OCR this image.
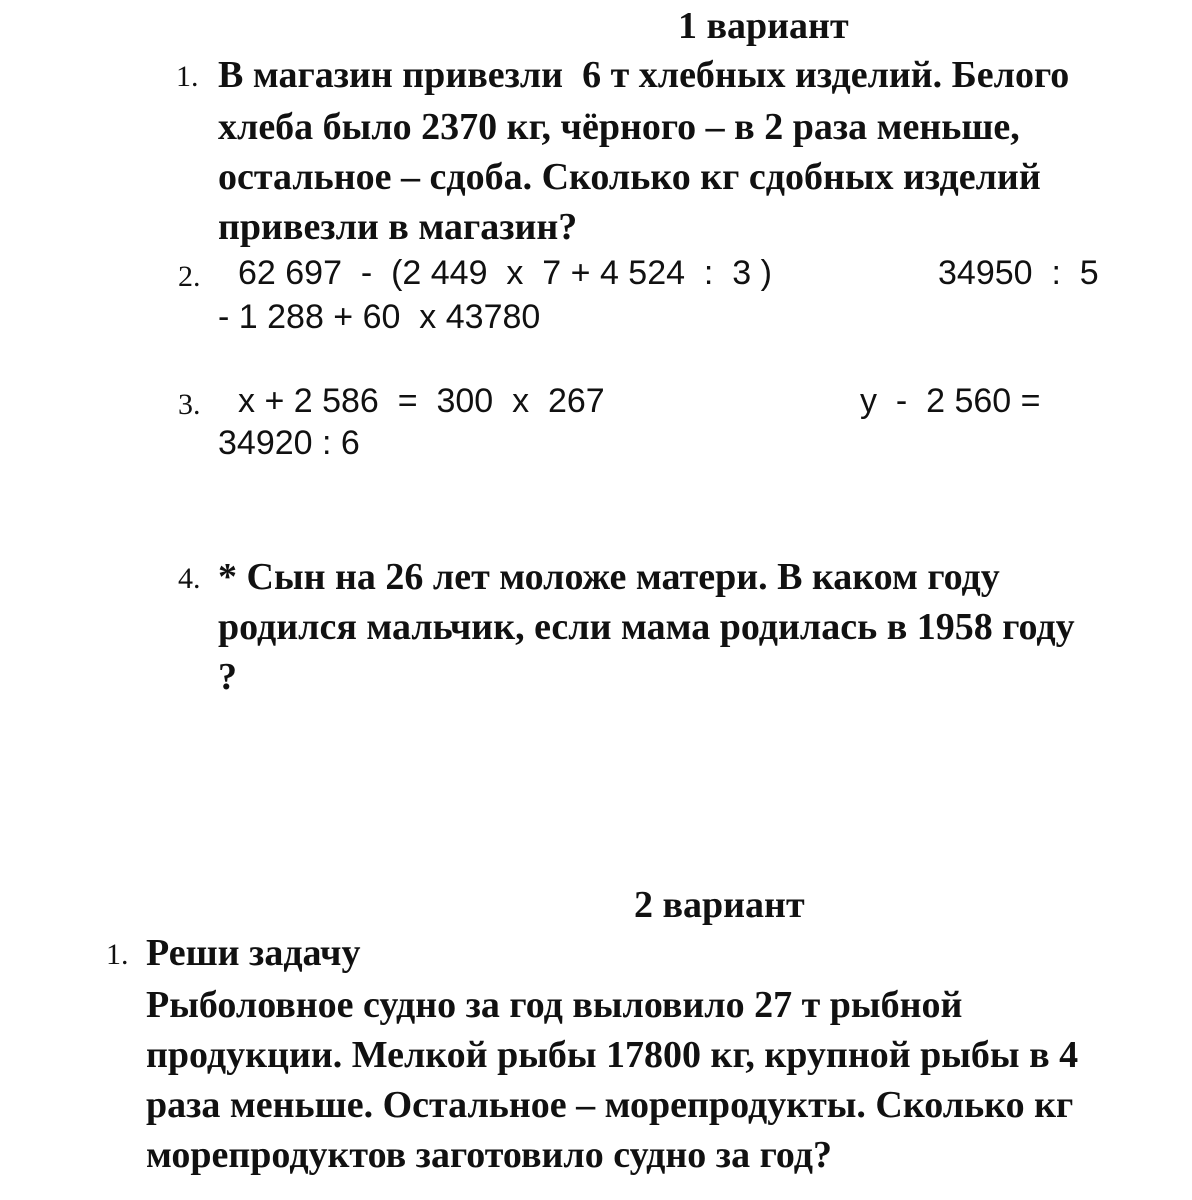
1 вариант
1. В магазин привезли  6 т хлебных изделий. Белого
хлеба было 2370 кг, чёрного – в 2 раза меньше,
остальное – сдоба. Сколько кг сдобных изделий
привезли в магазин?
2. 62 697  -  (2 449  x  7 + 4 524  :  3 )	34950  :  5
- 1 288 + 60  x 43780
3. x + 2 586  =  300  x  267	y  -  2 560 =
34920 : 6
4. * Сын на 26 лет моложе матери. В каком году
родился мальчик, если мама родилась в 1958 году
?
2 вариант
1. Реши задачу
Рыболовное судно за год выловило 27 т рыбной
продукции. Мелкой рыбы 17800 кг, крупной рыбы в 4
раза меньше. Остальное – морепродукты. Сколько кг
морепродуктов заготовило судно за год?
